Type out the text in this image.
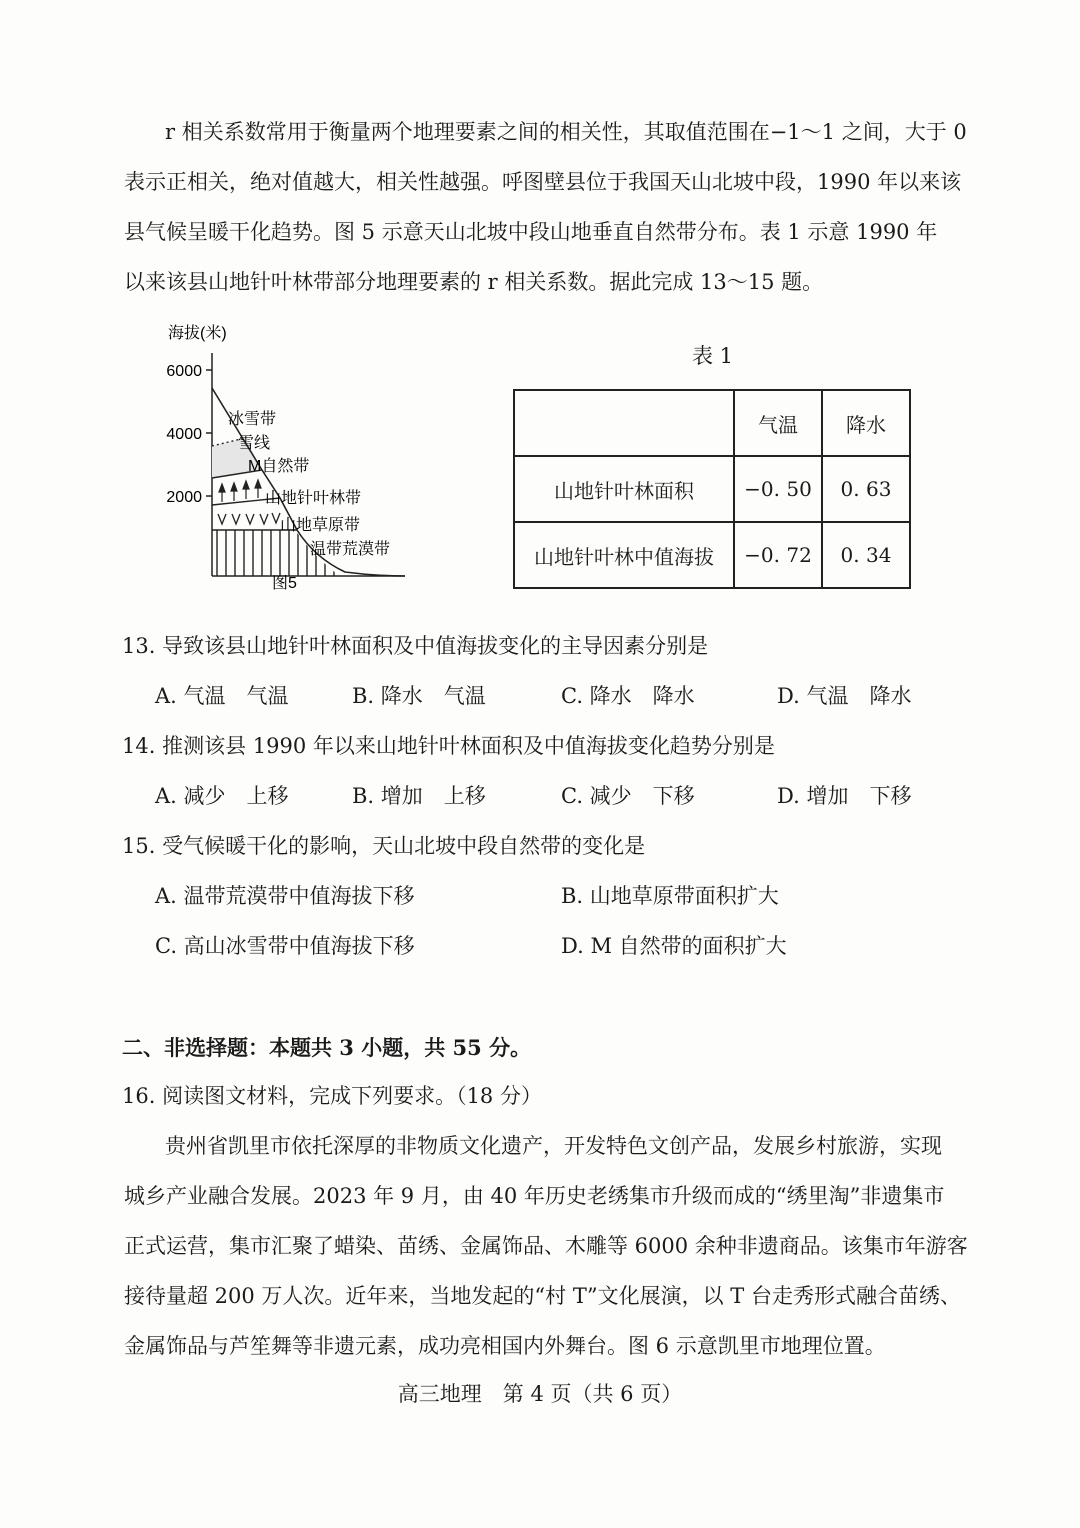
r 相关系数常用于衡量两个地理要素之间的相关性，其取值范围在−1～1 之间，大于 0
表示正相关，绝对值越大，相关性越强。呼图壁县位于我国天山北坡中段，1990 年以来该
县气候呈暖干化趋势。图 5 示意天山北坡中段山地垂直自然带分布。表 1 示意 1990 年
以来该县山地针叶林带部分地理要素的 r 相关系数。据此完成 13～15 题。
海拔(米)
6000
4000
2000
冰雪带
雪线
M自然带
山地针叶林带
山地草原带
温带荒漠带
图5
表 1
	气温	降水
山地针叶林面积	−0. 50	0. 63
山地针叶林中值海拔	−0. 72	0. 34
13. 导致该县山地针叶林面积及中值海拔变化的主导因素分别是
A. 气温　气温	B. 降水　气温	C. 降水　降水	D. 气温　降水
14. 推测该县 1990 年以来山地针叶林面积及中值海拔变化趋势分别是
A. 减少　上移	B. 增加　上移	C. 减少　下移	D. 增加　下移
15. 受气候暖干化的影响，天山北坡中段自然带的变化是
A. 温带荒漠带中值海拔下移	B. 山地草原带面积扩大
C. 高山冰雪带中值海拔下移	D. M 自然带的面积扩大
二、非选择题：本题共 3 小题，共 55 分。
16. 阅读图文材料，完成下列要求。（18 分）
贵州省凯里市依托深厚的非物质文化遗产，开发特色文创产品，发展乡村旅游，实现
城乡产业融合发展。2023 年 9 月，由 40 年历史老绣集市升级而成的“绣里淘”非遗集市
正式运营，集市汇聚了蜡染、苗绣、金属饰品、木雕等 6000 余种非遗商品。该集市年游客
接待量超 200 万人次。近年来，当地发起的“村 T”文化展演，以 T 台走秀形式融合苗绣、
金属饰品与芦笙舞等非遗元素，成功亮相国内外舞台。图 6 示意凯里市地理位置。
高三地理　第 4 页（共 6 页）
